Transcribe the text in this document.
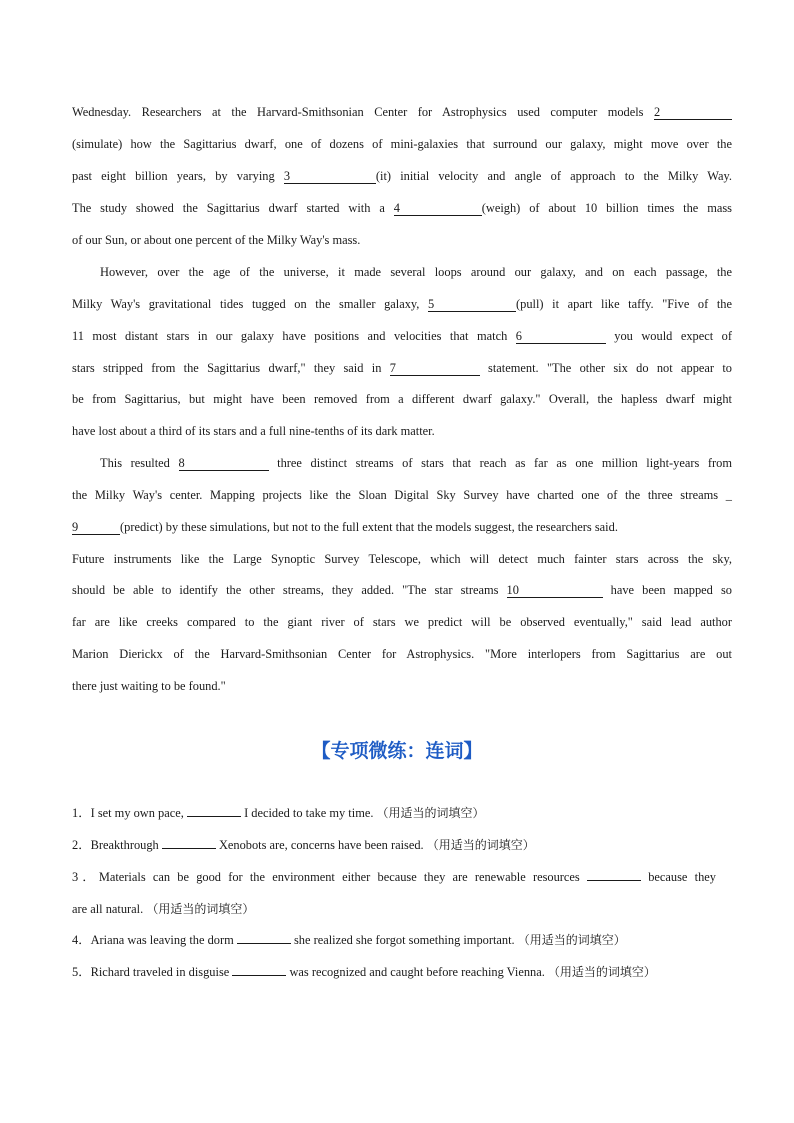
Wednesday. Researchers at the Harvard-Smithsonian Center for Astrophysics used computer models 2
(simulate) how the Sagittarius dwarf, one of dozens of mini-galaxies that surround our galaxy, might move over the
past eight billion years, by varying 3	(it) initial velocity and angle of approach to the Milky Way.
The study showed the Sagittarius dwarf started with a 4	(weigh) of about 10 billion times the mass
of our Sun, or about one percent of the Milky Way's mass.
However, over the age of the universe, it made several loops around our galaxy, and on each passage, the
Milky Way's gravitational tides tugged on the smaller galaxy, 5	(pull) it apart like taffy. "Five of the
11 most distant stars in our galaxy have positions and velocities that match 6	you would expect of
stars stripped from the Sagittarius dwarf," they said in 7	statement. "The other six do not appear to
be from Sagittarius, but might have been removed from a different dwarf galaxy." Overall, the hapless dwarf might
have lost about a third of its stars and a full nine-tenths of its dark matter.
This resulted 8	three distinct streams of stars that reach as far as one million light-years from
the Milky Way's center. Mapping projects like the Sloan Digital Sky Survey have charted one of the three streams _
9	(predict) by these simulations, but not to the full extent that the models suggest, the researchers said.
Future instruments like the Large Synoptic Survey Telescope, which will detect much fainter stars across the sky,
should be able to identify the other streams, they added. "The star streams 10	have been mapped so
far are like creeks compared to the giant river of stars we predict will be observed eventually," said lead author
Marion Dierickx of the Harvard-Smithsonian Center for Astrophysics. "More interlopers from Sagittarius are out
there just waiting to be found."
【专项微练：连词】
1．I set my own pace,	I decided to take my time. （用适当的词填空）
2．Breakthrough	Xenobots are, concerns have been raised. （用适当的词填空）
3．Materials can be good for the environment either because they are renewable resources	because they
are all natural. （用适当的词填空）
4．Ariana was leaving the dorm	she realized she forgot something important. （用适当的词填空）
5．Richard traveled in disguise	was recognized and caught before reaching Vienna. （用适当的词填空）
